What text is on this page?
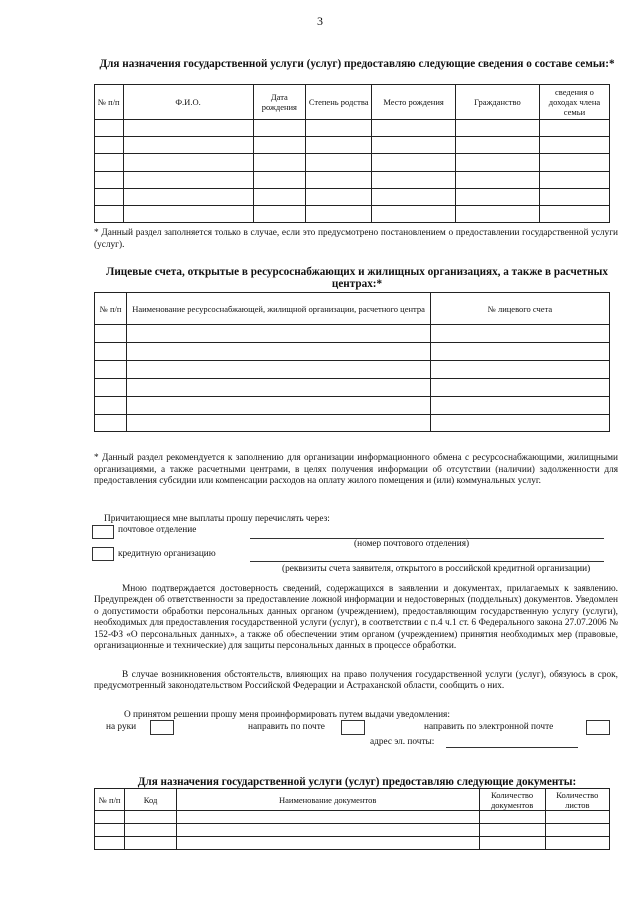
3
Для назначения государственной услуги (услуг) предоставляю следующие сведения о составе семьи:*
№ п/п	Ф.И.О.	Дата рождения	Степень родства	Место рождения	Гражданство	сведения о доходах члена семьи

* Данный раздел заполняется только в случае, если это предусмотрено постановлением о предоставлении государственной услуги (услуг).
Лицевые счета, открытые в ресурсоснабжающих и жилищных организациях, а также в расчетных центрах:*
№ п/п	Наименование ресурсоснабжающей, жилищной организации, расчетного центра	№ лицевого счета

* Данный раздел рекомендуется к заполнению для организации информационного обмена с ресурсоснабжающими, жилищными организациями, а также расчетными центрами, в целях получения информации об отсутствии (наличии) задолженности для предоставления субсидии или компенсации расходов на оплату жилого помещения и (или) коммунальных услуг.
Причитающиеся мне выплаты прошу перечислять через:
почтовое отделение
(номер почтового отделения)
кредитную организацию
(реквизиты счета заявителя, открытого в российской кредитной организации)
Мною подтверждается достоверность сведений, содержащихся в заявлении и документах, прилагаемых к заявлению. Предупрежден об ответственности за предоставление ложной информации и недостоверных (поддельных) документов. Уведомлен о допустимости обработки персональных данных органом (учреждением), предоставляющим государственную услугу (услуги), необходимых для предоставления государственной услуги (услуг), в соответствии с п.4 ч.1 ст. 6 Федерального закона 27.07.2006 № 152-ФЗ «О персональных данных», а также об обеспечении этим органом (учреждением) принятия необходимых мер (правовые, организационные и технические) для защиты персональных данных в процессе обработки.
В случае возникновения обстоятельств, влияющих на право получения государственной услуги (услуг), обязуюсь в срок, предусмотренный законодательством Российской Федерации и Астраханской области, сообщить о них.
О принятом решении прошу меня проинформировать путем выдачи уведомления:
на руки	направить по почте	направить по электронной почте
адрес эл. почты:
Для назначения государственной услуги (услуг) предоставляю следующие документы:
№ п/п	Код	Наименование документов	Количество документов	Количество листов
